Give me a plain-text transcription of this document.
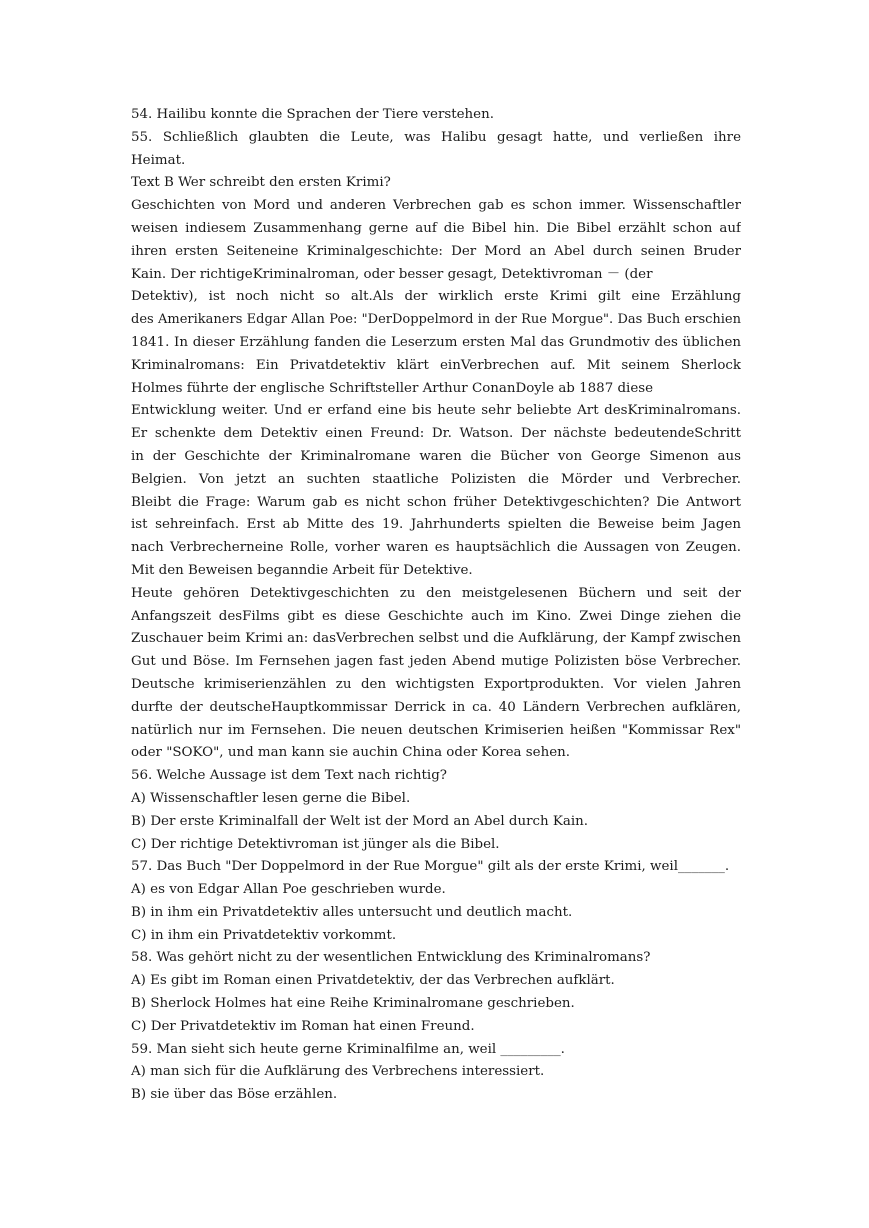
54. Hailibu konnte die Sprachen der Tiere verstehen.
55. Schließlich glaubten die Leute, was Halibu gesagt hatte, und verließen ihre
Heimat.
Text B Wer schreibt den ersten Krimi?
Geschichten von Mord und anderen Verbrechen gab es schon immer. Wissenschaftler
weisen indiesem Zusammenhang gerne auf die Bibel hin. Die Bibel erzählt schon auf
ihren ersten Seiteneine Kriminalgeschichte: Der Mord an Abel durch seinen Bruder
Kain. Der richtigeKriminalroman, oder besser gesagt, Detektivroman － (der
Detektiv), ist noch nicht so alt.Als der wirklich erste Krimi gilt eine Erzählung
des Amerikaners Edgar Allan Poe: "DerDoppelmord in der Rue Morgue". Das Buch erschien
1841. In dieser Erzählung fanden die Leserzum ersten Mal das Grundmotiv des üblichen
Kriminalromans: Ein Privatdetektiv klärt einVerbrechen auf. Mit seinem Sherlock
Holmes führte der englische Schriftsteller Arthur ConanDoyle ab 1887 diese
Entwicklung weiter. Und er erfand eine bis heute sehr beliebte Art desKriminalromans.
Er schenkte dem Detektiv einen Freund: Dr. Watson. Der nächste bedeutendeSchritt
in der Geschichte der Kriminalromane waren die Bücher von George Simenon aus
Belgien. Von jetzt an suchten staatliche Polizisten die Mörder und Verbrecher.
Bleibt die Frage: Warum gab es nicht schon früher Detektivgeschichten? Die Antwort
ist sehreinfach. Erst ab Mitte des 19. Jahrhunderts spielten die Beweise beim Jagen
nach Verbrecherneine Rolle, vorher waren es hauptsächlich die Aussagen von Zeugen.
Mit den Beweisen beganndie Arbeit für Detektive.
Heute gehören Detektivgeschichten zu den meistgelesenen Büchern und seit der
Anfangszeit desFilms gibt es diese Geschichte auch im Kino. Zwei Dinge ziehen die
Zuschauer beim Krimi an: dasVerbrechen selbst und die Aufklärung, der Kampf zwischen
Gut und Böse. Im Fernsehen jagen fast jeden Abend mutige Polizisten böse Verbrecher.
Deutsche krimiserienzählen zu den wichtigsten Exportprodukten. Vor vielen Jahren
durfte der deutscheHauptkommissar Derrick in ca. 40 Ländern Verbrechen aufklären,
natürlich nur im Fernsehen. Die neuen deutschen Krimiserien heißen "Kommissar Rex"
oder "SOKO", und man kann sie auchin China oder Korea sehen.
56. Welche Aussage ist dem Text nach richtig?
A) Wissenschaftler lesen gerne die Bibel.
B) Der erste Kriminalfall der Welt ist der Mord an Abel durch Kain.
C) Der richtige Detektivroman ist jünger als die Bibel.
57. Das Buch "Der Doppelmord in der Rue Morgue" gilt als der erste Krimi, weil_______.
A) es von Edgar Allan Poe geschrieben wurde.
B) in ihm ein Privatdetektiv alles untersucht und deutlich macht.
C) in ihm ein Privatdetektiv vorkommt.
58. Was gehört nicht zu der wesentlichen Entwicklung des Kriminalromans?
A) Es gibt im Roman einen Privatdetektiv, der das Verbrechen aufklärt.
B) Sherlock Holmes hat eine Reihe Kriminalromane geschrieben.
C) Der Privatdetektiv im Roman hat einen Freund.
59. Man sieht sich heute gerne Kriminalfilme an, weil _________.
A) man sich für die Aufklärung des Verbrechens interessiert.
B) sie über das Böse erzählen.
